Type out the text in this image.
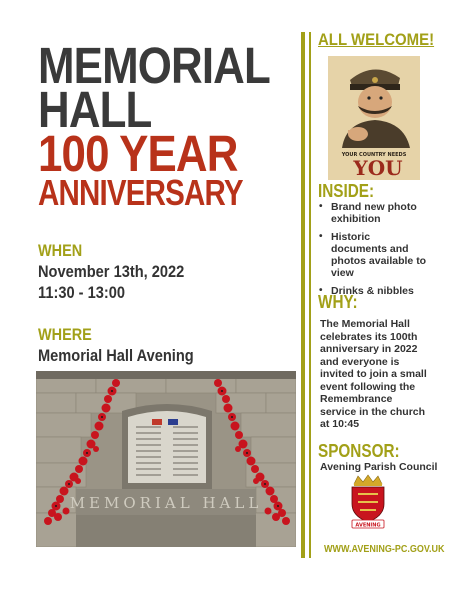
MEMORIAL
HALL
100 YEAR
ANNIVERSARY
WHEN
November 13th, 2022
11:30 - 13:00
WHERE
Memorial Hall Avening
MEMORIAL HALL
ALL WELCOME!
YOUR COUNTRY NEEDS
YOU
INSIDE:
• Brand new photo exhibition
• Historic documents and photos available to view
• Drinks & nibbles
WHY:
The Memorial Hall celebrates its 100th anniversary in 2022 and everyone is invited to join a small event following the Remembrance service in the church at 10:45
SPONSOR:
Avening Parish Council
AVENING
WWW.AVENING-PC.GOV.UK
